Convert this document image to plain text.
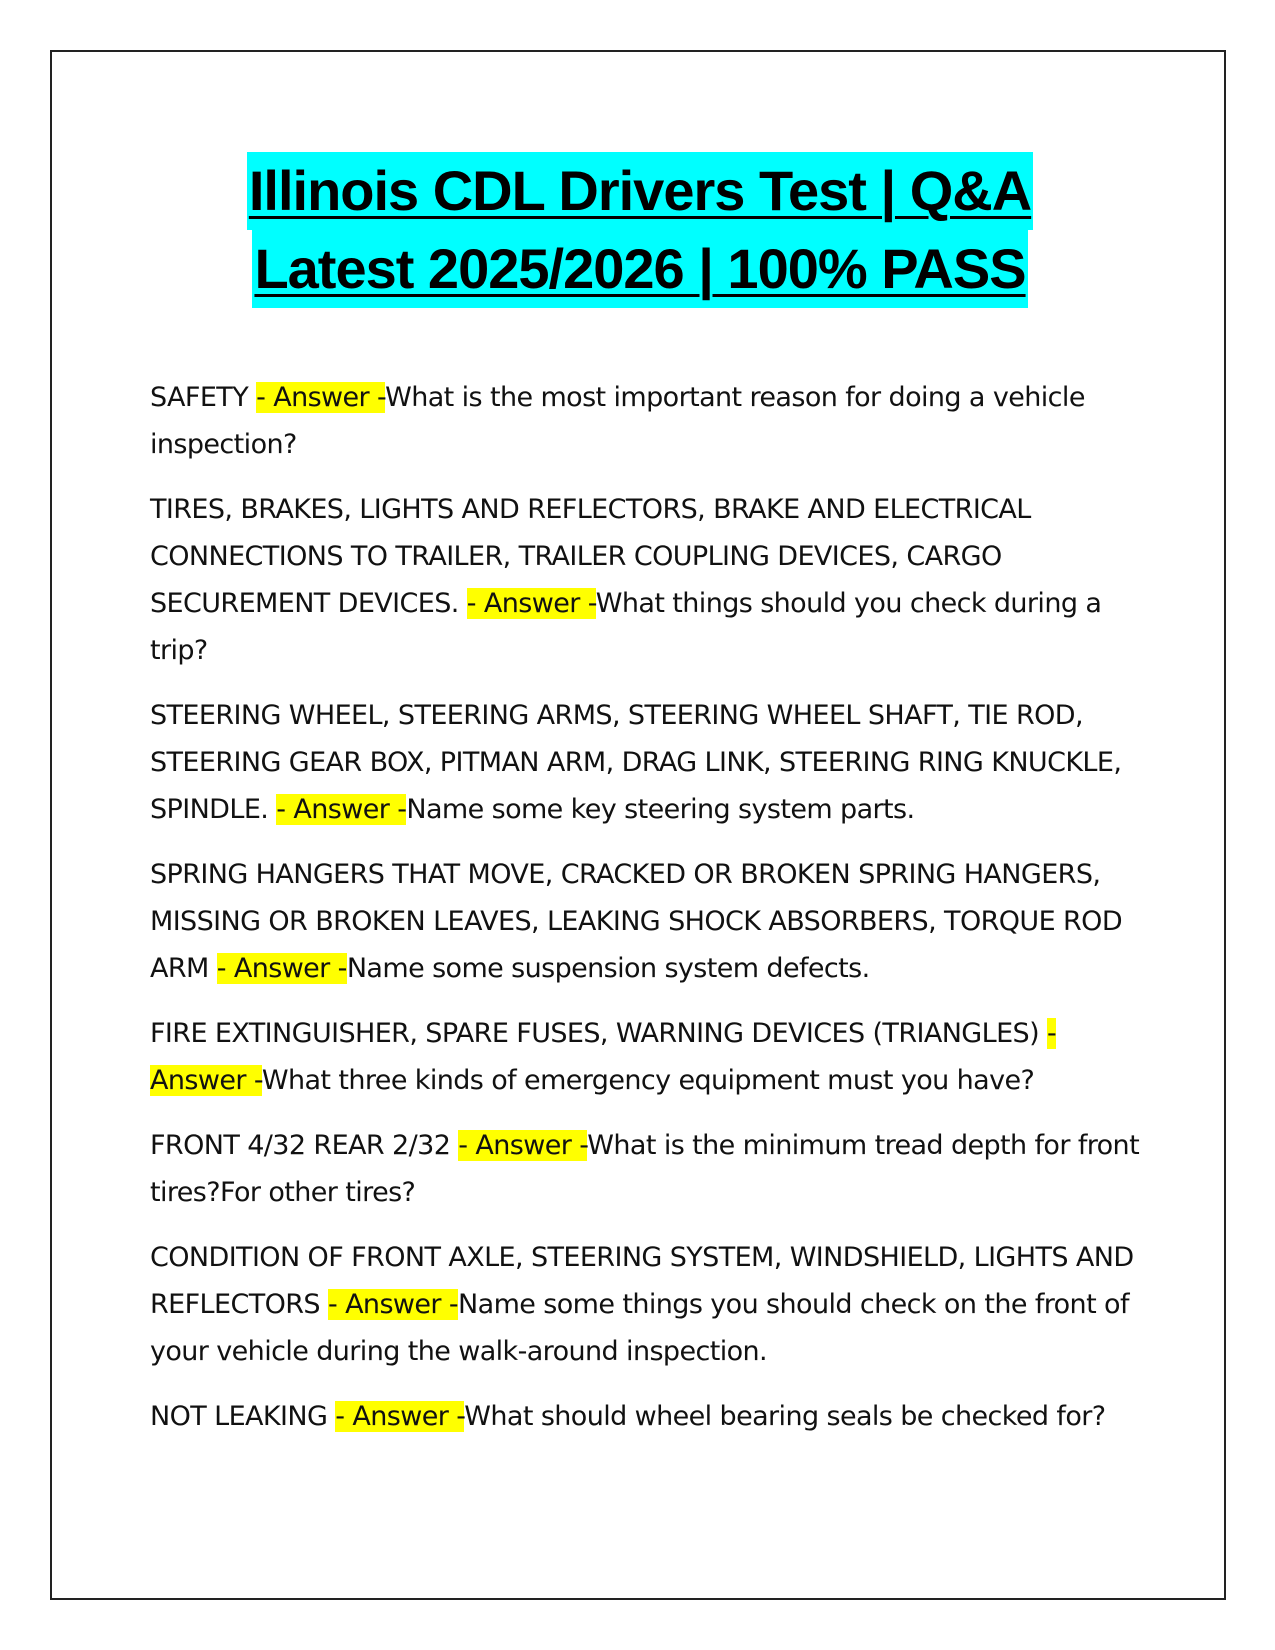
Illinois CDL Drivers Test | Q&A
Latest 2025/2026 | 100% PASS

SAFETY - Answer -What is the most important reason for doing a vehicle inspection?

TIRES, BRAKES, LIGHTS AND REFLECTORS, BRAKE AND ELECTRICAL CONNECTIONS TO TRAILER, TRAILER COUPLING DEVICES, CARGO SECUREMENT DEVICES. - Answer -What things should you check during a trip?

STEERING WHEEL, STEERING ARMS, STEERING WHEEL SHAFT, TIE ROD, STEERING GEAR BOX, PITMAN ARM, DRAG LINK, STEERING RING KNUCKLE, SPINDLE. - Answer -Name some key steering system parts.

SPRING HANGERS THAT MOVE, CRACKED OR BROKEN SPRING HANGERS, MISSING OR BROKEN LEAVES, LEAKING SHOCK ABSORBERS, TORQUE ROD ARM - Answer -Name some suspension system defects.

FIRE EXTINGUISHER, SPARE FUSES, WARNING DEVICES (TRIANGLES) - Answer -What three kinds of emergency equipment must you have?

FRONT 4/32 REAR 2/32 - Answer -What is the minimum tread depth for front tires?For other tires?

CONDITION OF FRONT AXLE, STEERING SYSTEM, WINDSHIELD, LIGHTS AND REFLECTORS - Answer -Name some things you should check on the front of your vehicle during the walk-around inspection.

NOT LEAKING - Answer -What should wheel bearing seals be checked for?
